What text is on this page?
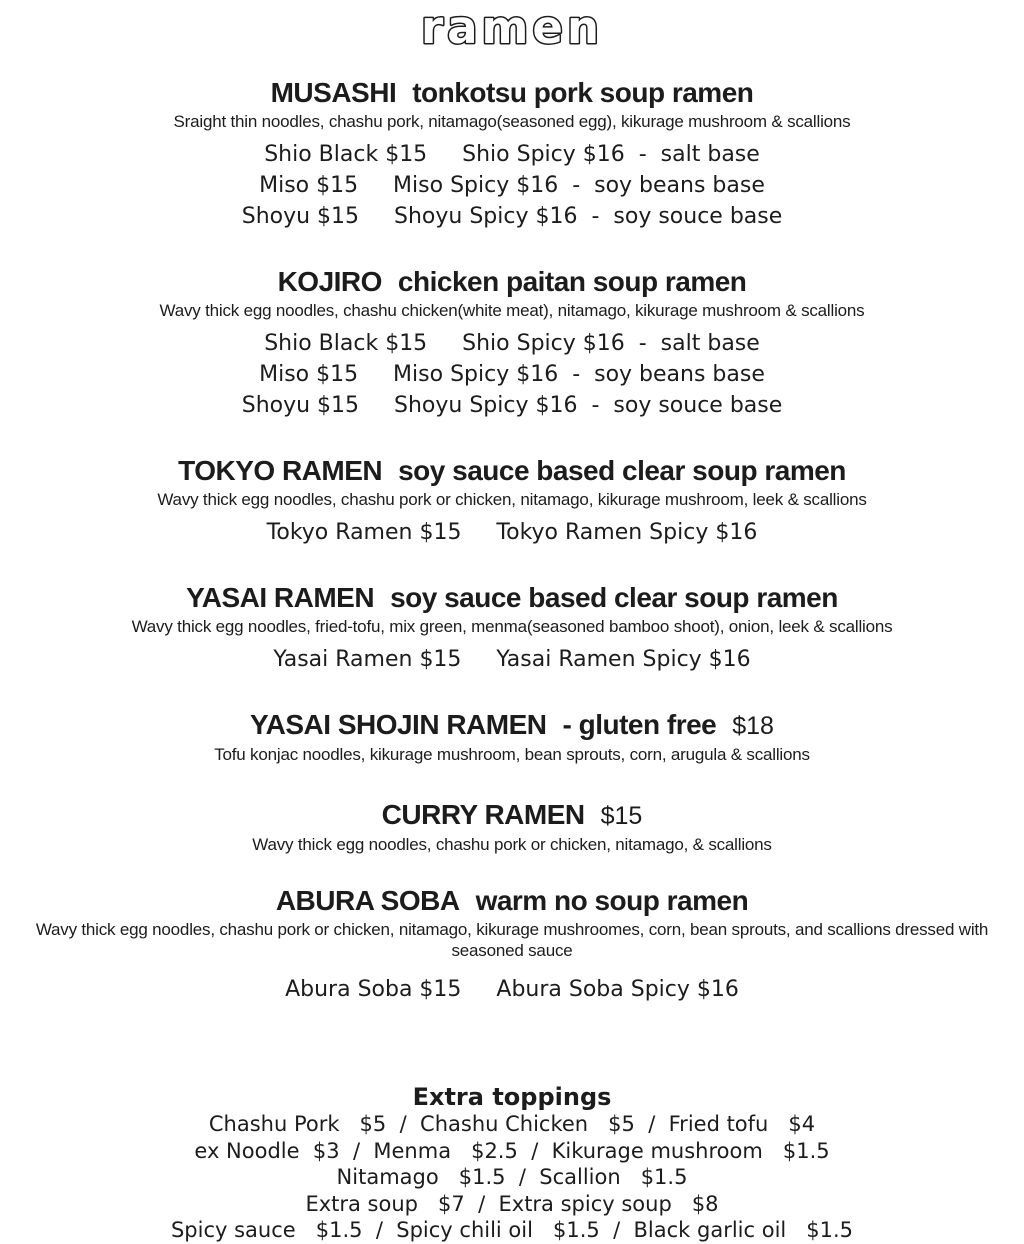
ramen
MUSASHI tonkotsu pork soup ramen
Sraight thin noodles, chashu pork, nitamago(seasoned egg), kikurage mushroom & scallions
Shio Black $15     Shio Spicy $16  -  salt base
Miso $15     Miso Spicy $16  -  soy beans base
Shoyu $15     Shoyu Spicy $16  -  soy souce base
KOJIRO chicken paitan soup ramen
Wavy thick egg noodles, chashu chicken(white meat), nitamago, kikurage mushroom & scallions
Shio Black $15     Shio Spicy $16  -  salt base
Miso $15     Miso Spicy $16  -  soy beans base
Shoyu $15     Shoyu Spicy $16  -  soy souce base
TOKYO RAMEN soy sauce based clear soup ramen
Wavy thick egg noodles, chashu pork or chicken, nitamago, kikurage mushroom, leek & scallions
Tokyo Ramen $15     Tokyo Ramen Spicy $16
YASAI RAMEN soy sauce based clear soup ramen
Wavy thick egg noodles, fried-tofu, mix green, menma(seasoned bamboo shoot), onion, leek & scallions
Yasai Ramen $15     Yasai Ramen Spicy $16
YASAI SHOJIN RAMEN - gluten free $18
Tofu konjac noodles, kikurage mushroom, bean sprouts, corn, arugula & scallions
CURRY RAMEN $15
Wavy thick egg noodles, chashu pork or chicken, nitamago, & scallions
ABURA SOBA warm no soup ramen
Wavy thick egg noodles, chashu pork or chicken, nitamago, kikurage mushroomes, corn, bean sprouts, and scallions dressed with seasoned sauce
Abura Soba $15     Abura Soba Spicy $16
Extra toppings
Chashu Pork   $5  /  Chashu Chicken   $5  /  Fried tofu   $4
ex Noodle  $3  /  Menma   $2.5  /  Kikurage mushroom   $1.5
Nitamago   $1.5  /  Scallion   $1.5
Extra soup   $7  /  Extra spicy soup   $8
Spicy sauce   $1.5  /  Spicy chili oil   $1.5  /  Black garlic oil   $1.5
